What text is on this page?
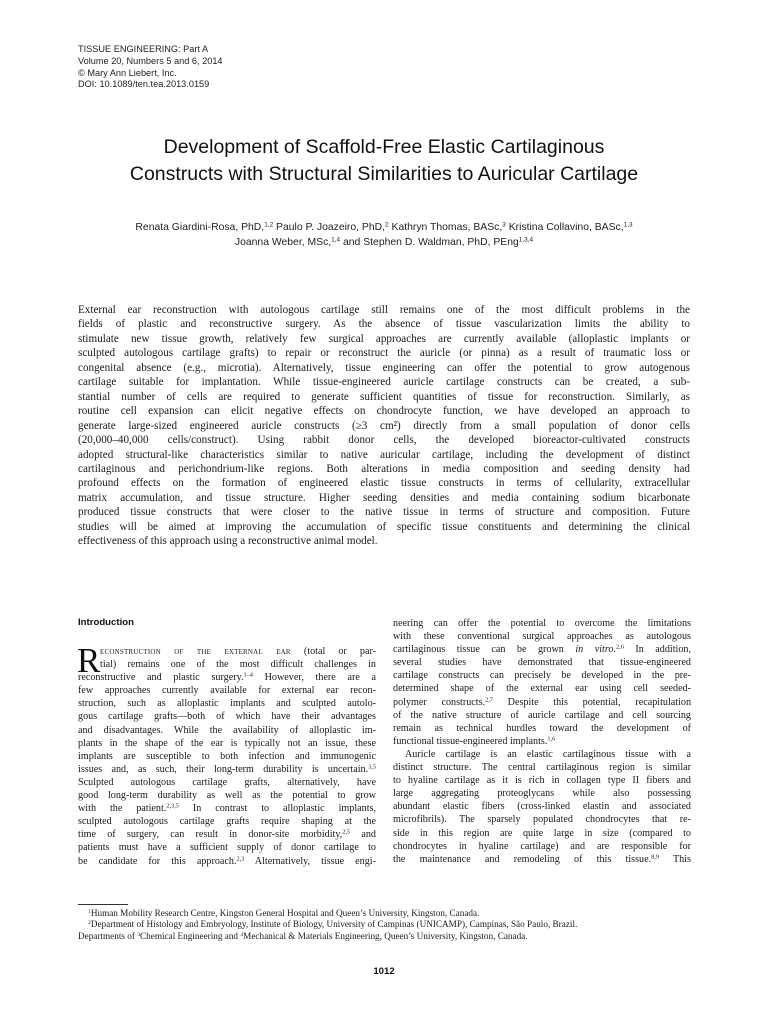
TISSUE ENGINEERING: Part A
Volume 20, Numbers 5 and 6, 2014
© Mary Ann Liebert, Inc.
DOI: 10.1089/ten.tea.2013.0159
Development of Scaffold-Free Elastic Cartilaginous
Constructs with Structural Similarities to Auricular Cartilage
Renata Giardini-Rosa, PhD,$^{1,2}$ Paulo P. Joazeiro, PhD,$^2$ Kathryn Thomas, BASc,$^3$ Kristina Collavino, BASc,$^{1,3}$
Joanna Weber, MSc,$^{1,4}$ and Stephen D. Waldman, PhD, PEng$^{1,3,4}$
External ear reconstruction with autologous cartilage still remains one of the most difficult problems in the
fields of plastic and reconstructive surgery. As the absence of tissue vascularization limits the ability to
stimulate new tissue growth, relatively few surgical approaches are currently available (alloplastic implants or
sculpted autologous cartilage grafts) to repair or reconstruct the auricle (or pinna) as a result of traumatic loss or
congenital absence (e.g., microtia). Alternatively, tissue engineering can offer the potential to grow autogenous
cartilage suitable for implantation. While tissue-engineered auricle cartilage constructs can be created, a sub-
stantial number of cells are required to generate sufficient quantities of tissue for reconstruction. Similarly, as
routine cell expansion can elicit negative effects on chondrocyte function, we have developed an approach to
generate large-sized engineered auricle constructs (≥3 cm²) directly from a small population of donor cells
(20,000–40,000 cells/construct). Using rabbit donor cells, the developed bioreactor-cultivated constructs
adopted structural-like characteristics similar to native auricular cartilage, including the development of distinct
cartilaginous and perichondrium-like regions. Both alterations in media composition and seeding density had
profound effects on the formation of engineered elastic tissue constructs in terms of cellularity, extracellular
matrix accumulation, and tissue structure. Higher seeding densities and media containing sodium bicarbonate
produced tissue constructs that were closer to the native tissue in terms of structure and composition. Future
studies will be aimed at improving the accumulation of specific tissue constituents and determining the clinical
effectiveness of this approach using a reconstructive animal model.
Introduction
R econstruction of the external ear (total or par-
tial) remains one of the most difficult challenges in
reconstructive and plastic surgery.$^{1-4}$ However, there are a
few approaches currently available for external ear recon-
struction, such as alloplastic implants and sculpted autolo-
gous cartilage grafts—both of which have their advantages
and disadvantages. While the availability of alloplastic im-
plants in the shape of the ear is typically not an issue, these
implants are susceptible to both infection and immunogenic
issues and, as such, their long-term durability is uncertain.$^{3,5}$
Sculpted autologous cartilage grafts, alternatively, have
good long-term durability as well as the potential to grow
with the patient.$^{2,3,5}$ In contrast to alloplastic implants,
sculpted autologous cartilage grafts require shaping at the
time of surgery, can result in donor-site morbidity,$^{2,5}$ and
patients must have a sufficient supply of donor cartilage to
be candidate for this approach.$^{2,3}$ Alternatively, tissue engi-
neering can offer the potential to overcome the limitations
with these conventional surgical approaches as autologous
cartilaginous tissue can be grown in vitro.$^{2,6}$ In addition,
several studies have demonstrated that tissue-engineered
cartilage constructs can precisely be developed in the pre-
determined shape of the external ear using cell seeded-
polymer constructs.$^{2,7}$ Despite this potential, recapitulation
of the native structure of auricle cartilage and cell sourcing
remain as technical hurdles toward the development of
functional tissue-engineered implants.$^{1,6}$
Auricle cartilage is an elastic cartilaginous tissue with a
distinct structure. The central cartilaginous region is similar
to hyaline cartilage as it is rich in collagen type II fibers and
large aggregating proteoglycans while also possessing
abundant elastic fibers (cross-linked elastin and associated
microfibrils). The sparsely populated chondrocytes that re-
side in this region are quite large in size (compared to
chondrocytes in hyaline cartilage) and are responsible for
the maintenance and remodeling of this tissue.$^{8,9}$ This
$^1$Human Mobility Research Centre, Kingston General Hospital and Queen’s University, Kingston, Canada.
$^2$Department of Histology and Embryology, Institute of Biology, University of Campinas (UNICAMP), Campinas, São Paulo, Brazil.
Departments of $^3$Chemical Engineering and $^4$Mechanical & Materials Engineering, Queen’s University, Kingston, Canada.
1012
